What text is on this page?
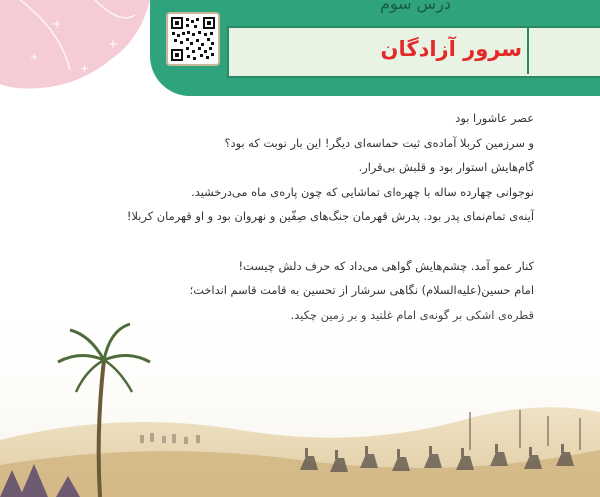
+
+
+
+
درس سوم
سرور آزادگان
عصر عاشورا بود
و سرزمین کربلا آماده‌ی ثبت حماسه‌ای دیگر! این بار نوبت که بود؟
گام‌هایش استوار بود و قلبش بی‌قرار.
نوجوانی چهارده ساله با چهره‌ای تماشایی که چون پاره‌ی ماه می‌درخشید.
آینه‌ی تمام‌نمای پدر بود. پدرش قهرمان جنگ‌های صِفّین و نهروان بود و او قهرمان کربلا!
کنار عمو آمد. چشم‌هایش گواهی می‌داد که حرف دلش چیست!
امام حسین(علیه‌السلام) نگاهی سرشار از تحسین به قامت قاسم انداخت؛
